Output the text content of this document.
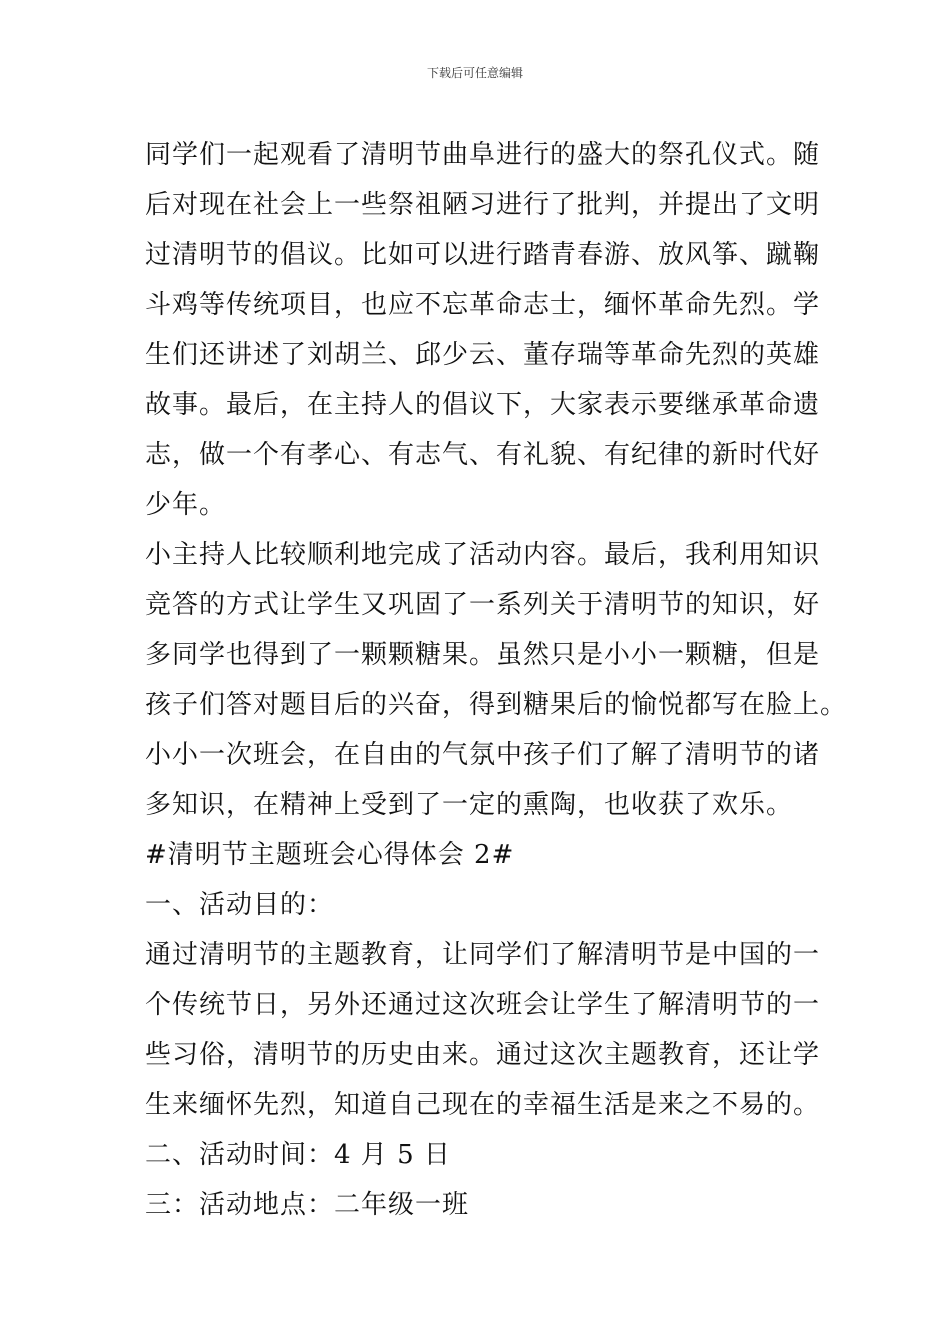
下载后可任意编辑
同学们一起观看了清明节曲阜进行的盛大的祭孔仪式。随
后对现在社会上一些祭祖陋习进行了批判，并提出了文明
过清明节的倡议。比如可以进行踏青春游、放风筝、蹴鞠
斗鸡等传统项目，也应不忘革命志士，缅怀革命先烈。学
生们还讲述了刘胡兰、邱少云、董存瑞等革命先烈的英雄
故事。最后，在主持人的倡议下，大家表示要继承革命遗
志，做一个有孝心、有志气、有礼貌、有纪律的新时代好
少年。
小主持人比较顺利地完成了活动内容。最后，我利用知识
竞答的方式让学生又巩固了一系列关于清明节的知识，好
多同学也得到了一颗颗糖果。虽然只是小小一颗糖，但是
孩子们答对题目后的兴奋，得到糖果后的愉悦都写在脸上。
小小一次班会，在自由的气氛中孩子们了解了清明节的诸
多知识，在精神上受到了一定的熏陶，也收获了欢乐。
#清明节主题班会心得体会 2#
一、活动目的：
通过清明节的主题教育，让同学们了解清明节是中国的一
个传统节日，另外还通过这次班会让学生了解清明节的一
些习俗，清明节的历史由来。通过这次主题教育，还让学
生来缅怀先烈，知道自己现在的幸福生活是来之不易的。
二、活动时间：4 月 5 日
三：活动地点：二年级一班
